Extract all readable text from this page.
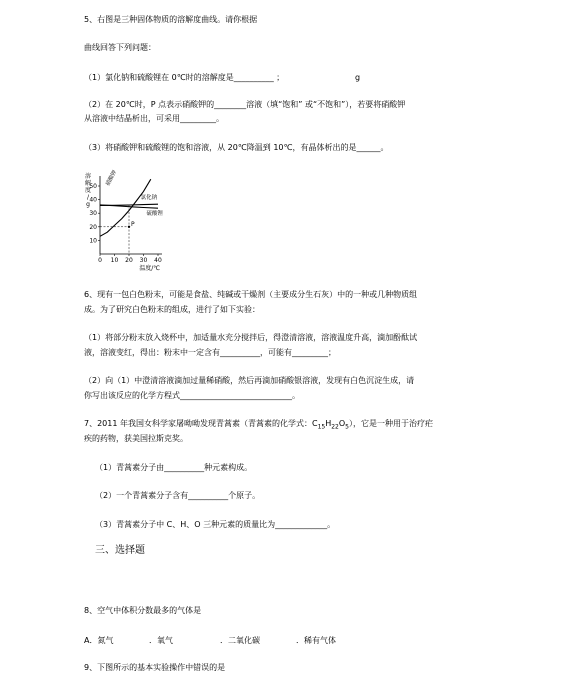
5、右图是三种固体物质的溶解度曲线。请你根据
曲线回答下列问题：
（1）氯化钠和硫酸锂在 0℃时的溶解度是__________ ；	g
（2）在 20℃时，P 点表示硝酸钾的________溶液（填“饱和” 或“不饱和”），若要将硝酸钾
从溶液中结晶析出，可采用_________。
（3）将硝酸钾和硫酸锂的饱和溶液，从 20℃降温到 10℃，有晶体析出的是______。
10
20
30
40
50
0 10 20 30 40
溶
解
度
/
g
硝酸钾
氯化钠
硫酸锂
P
温度/℃
6、现有一包白色粉末，可能是食盐、纯碱或干燥剂（主要成分生石灰）中的一种或几种物质组
成。为了研究白色粉末的组成，进行了如下实验：
（1）将部分粉末放入烧杯中，加适量水充分搅拌后，得澄清溶液，溶液温度升高，滴加酚酞试
液，溶液变红，得出：粉末中一定含有__________，可能有_________；
（2）向（1）中澄清溶液滴加过量稀硝酸，然后再滴加硝酸银溶液，发现有白色沉淀生成，请
你写出该反应的化学方程式____________________________。
7、2011 年我国女科学家屠呦呦发现青蒿素（青蒿素的化学式：$C_{15}H_{22}O_5$），它是一种用于治疗疟
疾的药物，获美国拉斯克奖。
（1）青蒿素分子由__________种元素构成。
（2）一个青蒿素分子含有__________个原子。
（3）青蒿素分子中 C、H、O 三种元素的质量比为_____________。
三、选择题
8、空气中体积分数最多的气体是
A．氮气	．氧气	．二氧化碳	．稀有气体
9、下图所示的基本实验操作中错误的是
